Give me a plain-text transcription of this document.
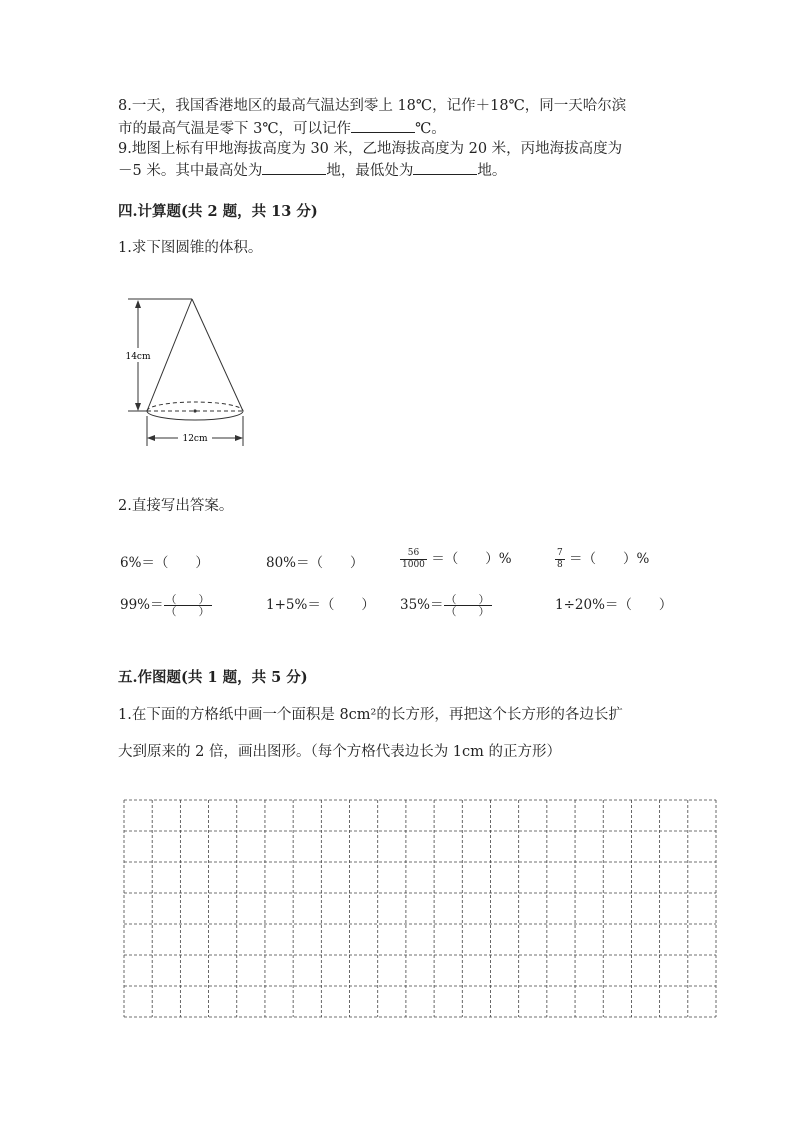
8.一天，我国香港地区的最高气温达到零上 18℃，记作＋18℃，同一天哈尔滨
市的最高气温是零下 3℃，可以记作	℃。
9.地图上标有甲地海拔高度为 30 米，乙地海拔高度为 20 米，丙地海拔高度为
－5 米。其中最高处为	地，最低处为	地。
四.计算题(共 2 题，共 13 分)
1.求下图圆锥的体积。
14cm
12cm
2.直接写出答案。
6%＝（　　）	80%＝（　　）	$\frac{56}{1000}$ ＝（　　）%	$\frac{7}{8}$ ＝（　　）%
$99\%= \frac{( )}{( )}$	1+5%＝（　　） $35\%= \frac{( )}{( )}$	1÷20%＝（　　）
五.作图题(共 1 题，共 5 分)
1.在下面的方格纸中画一个面积是 8cm²的长方形，再把这个长方形的各边长扩
大到原来的 2 倍，画出图形。（每个方格代表边长为 1cm 的正方形）
